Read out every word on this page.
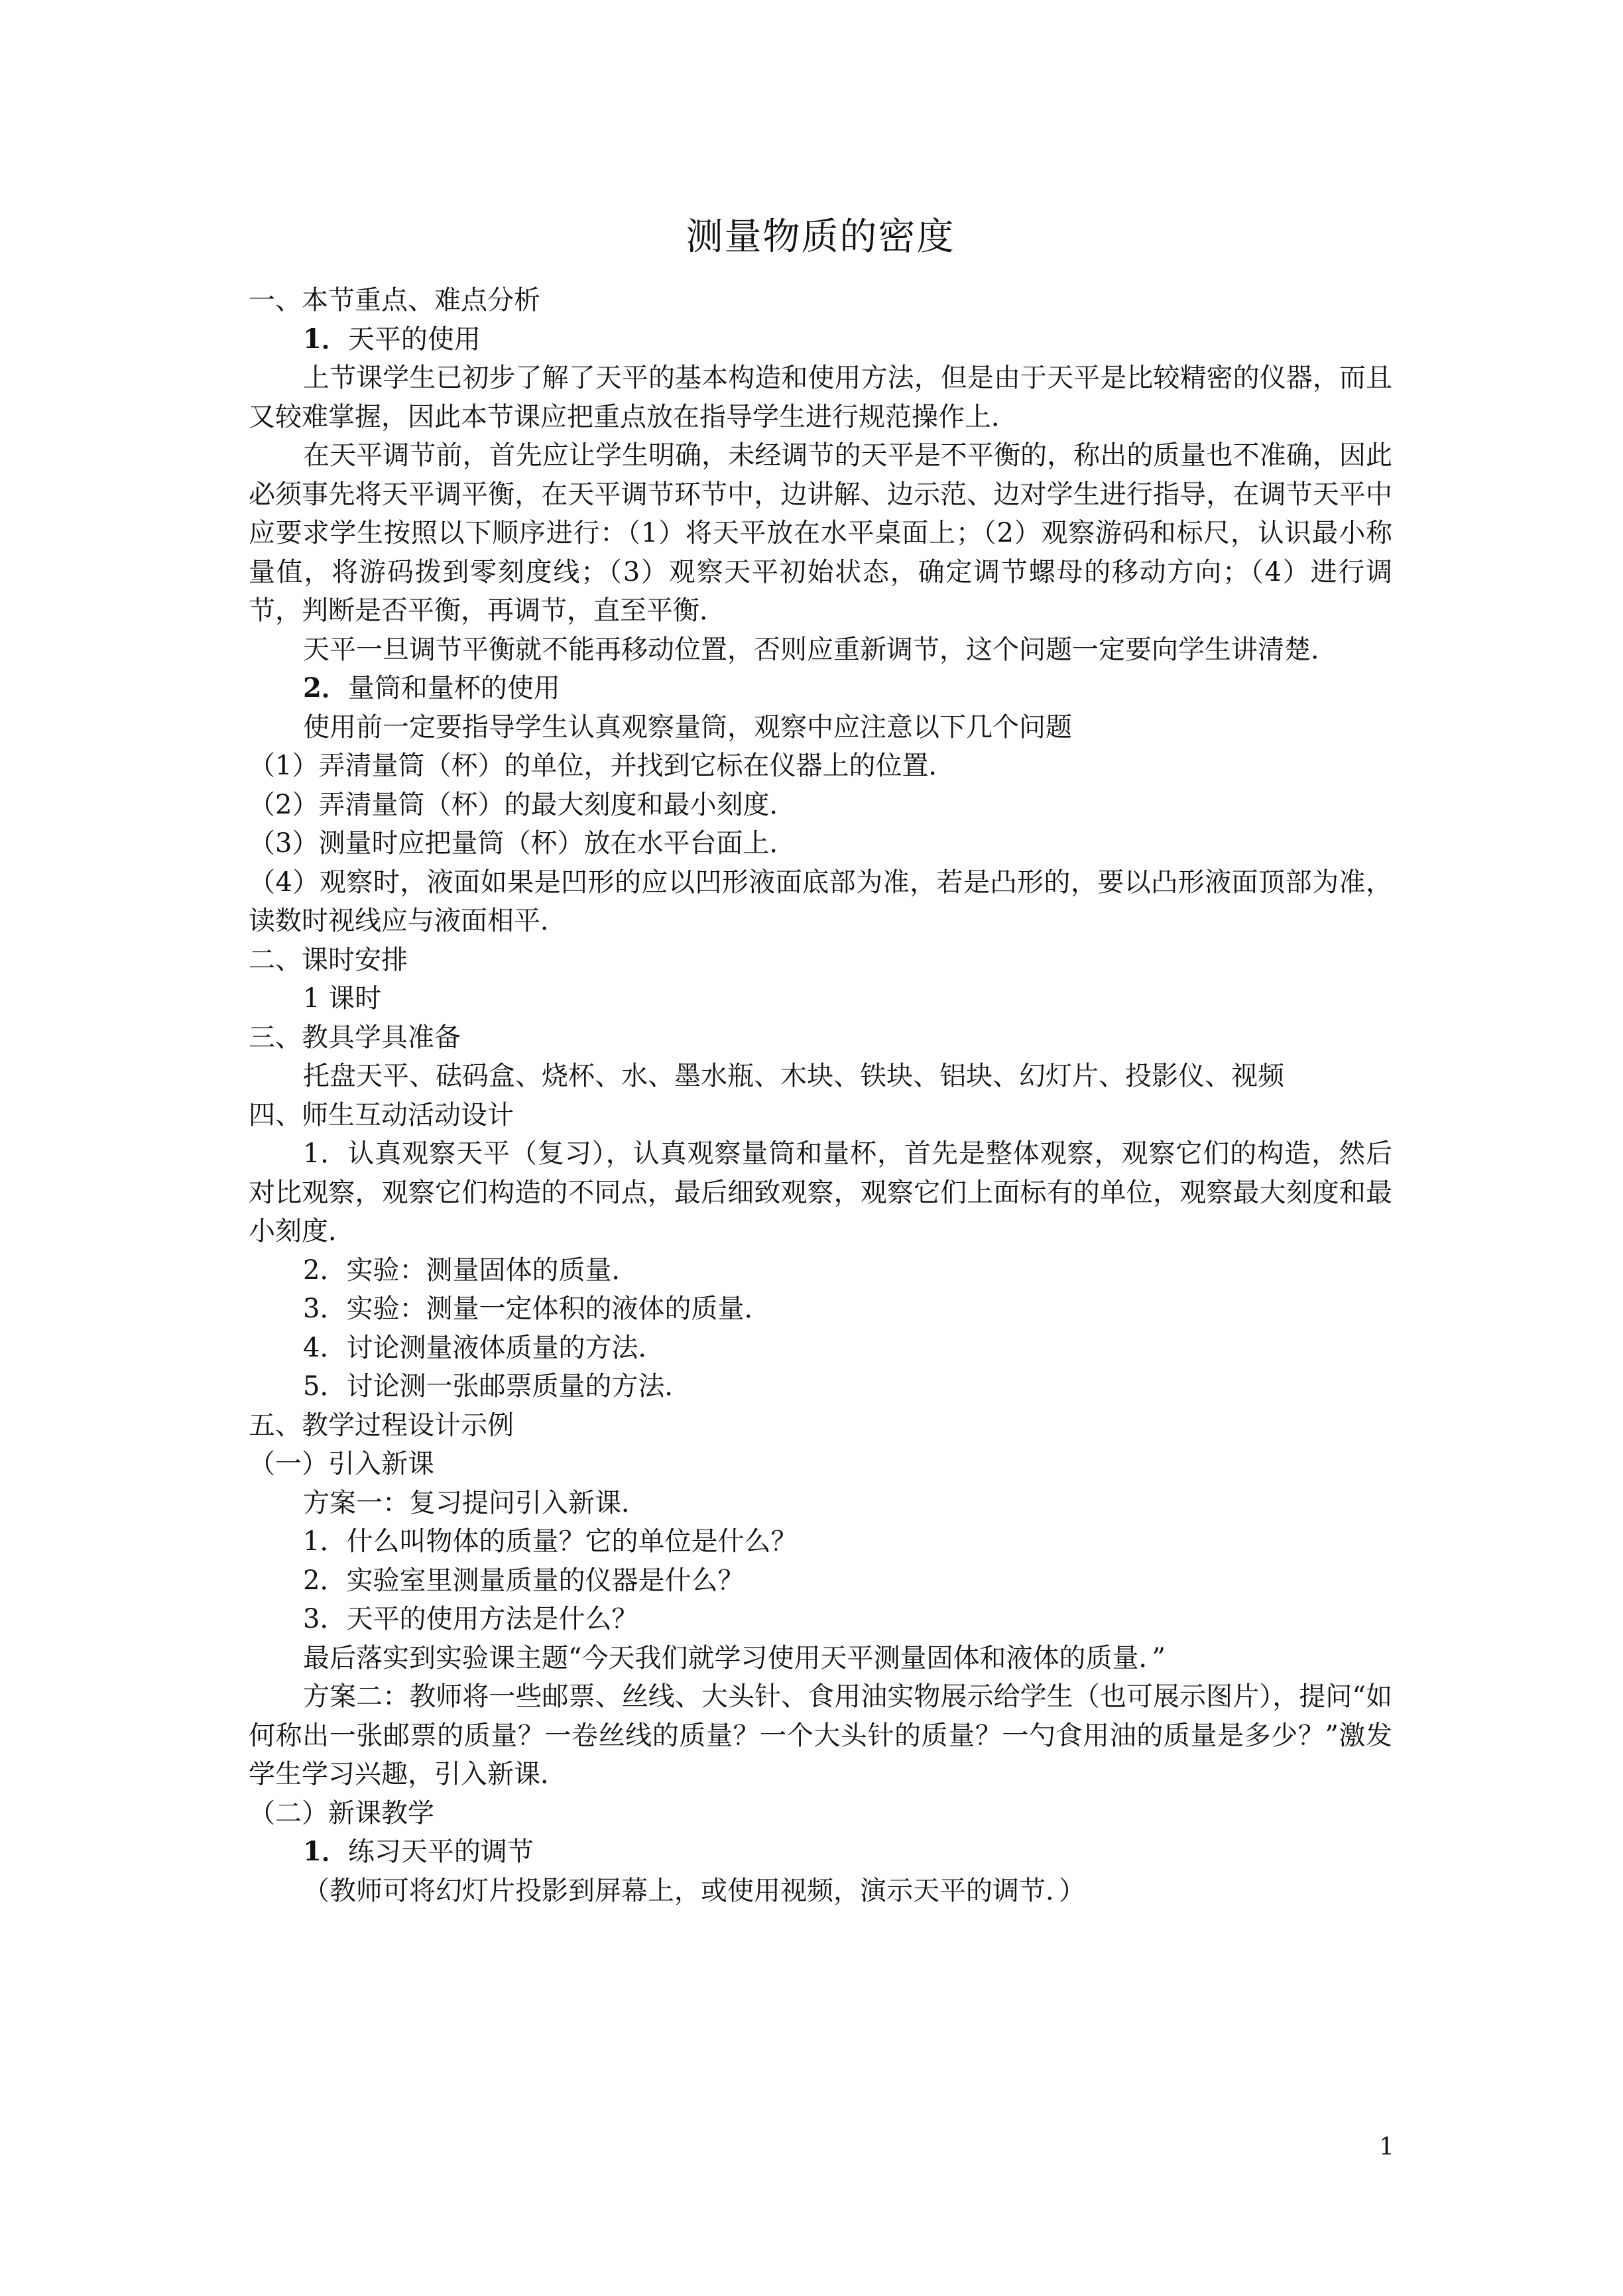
测量物质的密度
一、本节重点、难点分析
1．天平的使用
上节课学生已初步了解了天平的基本构造和使用方法，但是由于天平是比较精密的仪器，而且又较难掌握，因此本节课应把重点放在指导学生进行规范操作上．
在天平调节前，首先应让学生明确，未经调节的天平是不平衡的，称出的质量也不准确，因此必须事先将天平调平衡，在天平调节环节中，边讲解、边示范、边对学生进行指导，在调节天平中应要求学生按照以下顺序进行：（1）将天平放在水平桌面上；（2）观察游码和标尺，认识最小称量值，将游码拨到零刻度线；（3）观察天平初始状态，确定调节螺母的移动方向；（4）进行调节，判断是否平衡，再调节，直至平衡．
天平一旦调节平衡就不能再移动位置，否则应重新调节，这个问题一定要向学生讲清楚．
2．量筒和量杯的使用
使用前一定要指导学生认真观察量筒，观察中应注意以下几个问题
（1）弄清量筒（杯）的单位，并找到它标在仪器上的位置．
（2）弄清量筒（杯）的最大刻度和最小刻度．
（3）测量时应把量筒（杯）放在水平台面上．
（4）观察时，液面如果是凹形的应以凹形液面底部为准，若是凸形的，要以凸形液面顶部为准，读数时视线应与液面相平．
二、课时安排
1 课时
三、教具学具准备
托盘天平、砝码盒、烧杯、水、墨水瓶、木块、铁块、铝块、幻灯片、投影仪、视频
四、师生互动活动设计
1．认真观察天平（复习），认真观察量筒和量杯，首先是整体观察，观察它们的构造，然后对比观察，观察它们构造的不同点，最后细致观察，观察它们上面标有的单位，观察最大刻度和最小刻度．
2．实验：测量固体的质量．
3．实验：测量一定体积的液体的质量．
4．讨论测量液体质量的方法．
5．讨论测一张邮票质量的方法．
五、教学过程设计示例
（一）引入新课
方案一：复习提问引入新课．
1．什么叫物体的质量？它的单位是什么？
2．实验室里测量质量的仪器是什么？
3．天平的使用方法是什么？
最后落实到实验课主题“今天我们就学习使用天平测量固体和液体的质量．”
方案二：教师将一些邮票、丝线、大头针、食用油实物展示给学生（也可展示图片），提问“如何称出一张邮票的质量？一卷丝线的质量？一个大头针的质量？一勺食用油的质量是多少？”激发学生学习兴趣，引入新课．
（二）新课教学
1．练习天平的调节
（教师可将幻灯片投影到屏幕上，或使用视频，演示天平的调节．）
1
